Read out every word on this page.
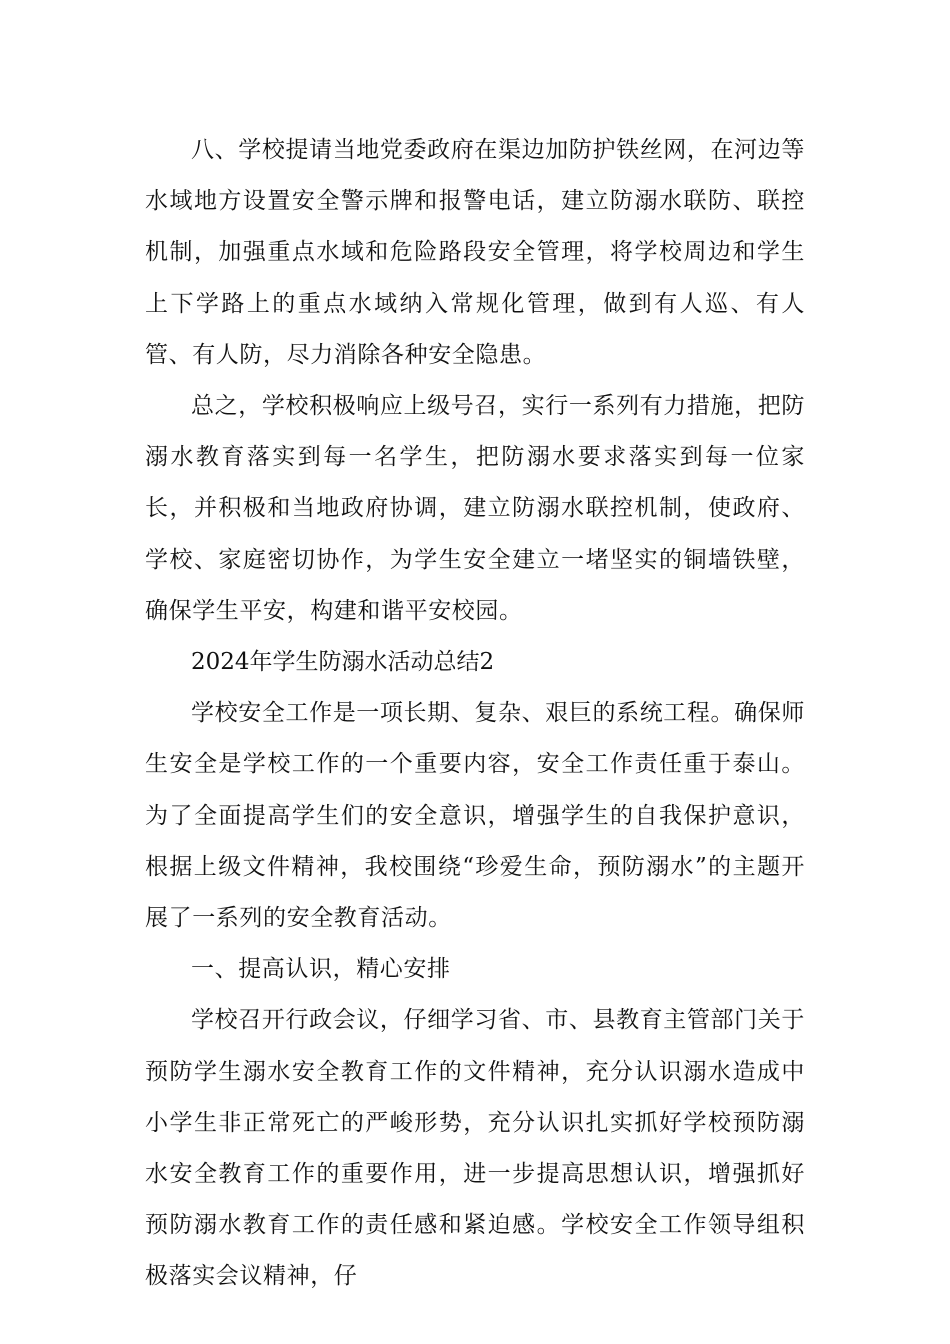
八、学校提请当地党委政府在渠边加防护铁丝网，在河边等水域地方设置安全警示牌和报警电话，建立防溺水联防、联控机制，加强重点水域和危险路段安全管理，将学校周边和学生上下学路上的重点水域纳入常规化管理，做到有人巡、有人管、有人防，尽力消除各种安全隐患。

总之，学校积极响应上级号召，实行一系列有力措施，把防溺水教育落实到每一名学生，把防溺水要求落实到每一位家长，并积极和当地政府协调，建立防溺水联控机制，使政府、学校、家庭密切协作，为学生安全建立一堵坚实的铜墙铁壁，确保学生平安，构建和谐平安校园。

2024年学生防溺水活动总结2

学校安全工作是一项长期、复杂、艰巨的系统工程。确保师生安全是学校工作的一个重要内容，安全工作责任重于泰山。为了全面提高学生们的安全意识，增强学生的自我保护意识，根据上级文件精神，我校围绕“珍爱生命，预防溺水”的主题开展了一系列的安全教育活动。

一、提高认识，精心安排

学校召开行政会议，仔细学习省、市、县教育主管部门关于预防学生溺水安全教育工作的文件精神，充分认识溺水造成中小学生非正常死亡的严峻形势，充分认识扎实抓好学校预防溺水安全教育工作的重要作用，进一步提高思想认识，增强抓好预防溺水教育工作的责任感和紧迫感。学校安全工作领导组积极落实会议精神，仔
